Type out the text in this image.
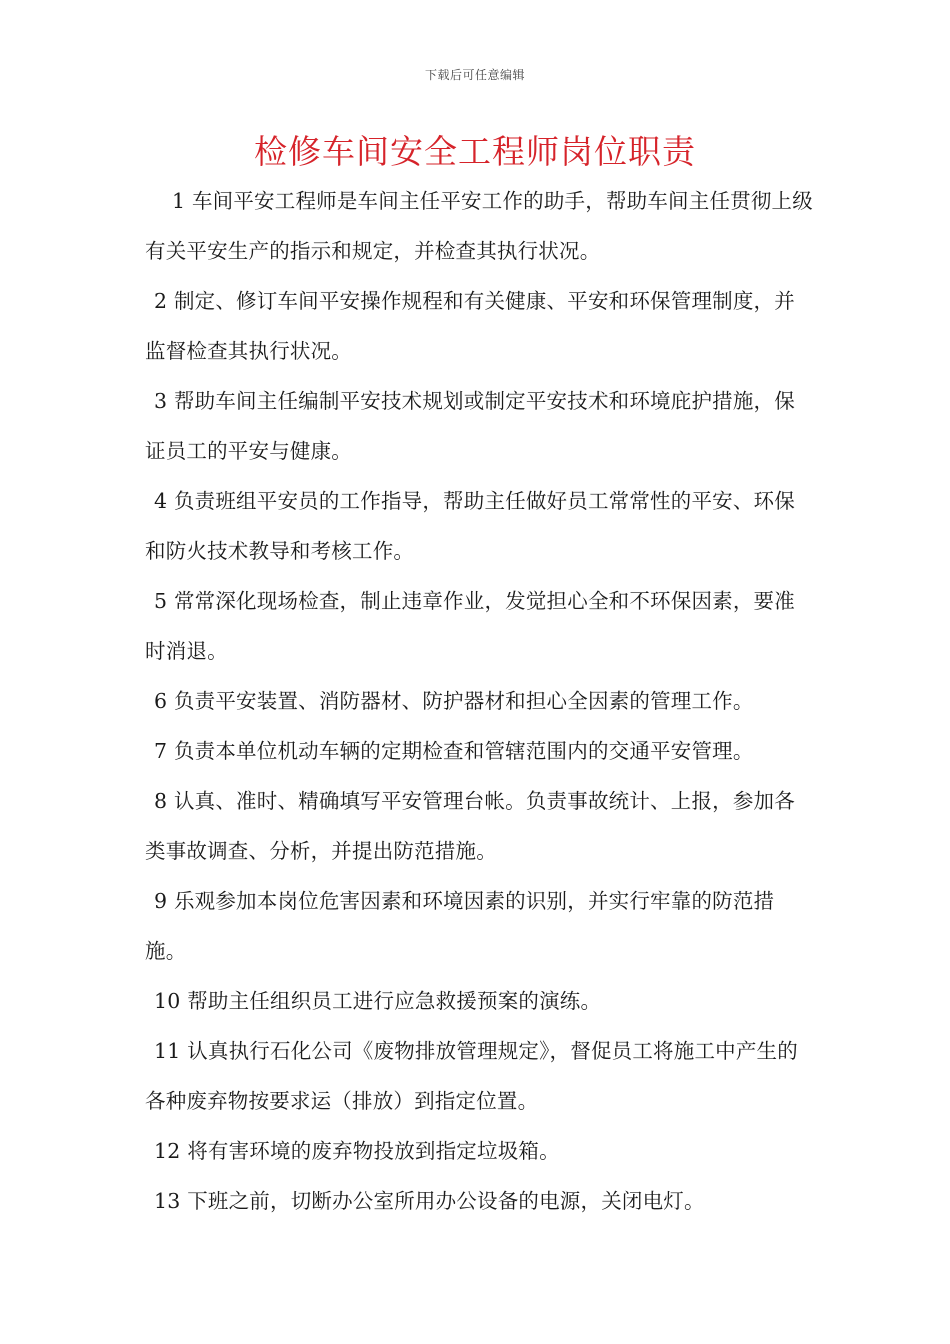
下载后可任意编辑
检修车间安全工程师岗位职责

1 车间平安工程师是车间主任平安工作的助手，帮助车间主任贯彻上级有关平安生产的指示和规定，并检查其执行状况。

2 制定、修订车间平安操作规程和有关健康、平安和环保管理制度，并监督检查其执行状况。

3 帮助车间主任编制平安技术规划或制定平安技术和环境庇护措施，保证员工的平安与健康。

4 负责班组平安员的工作指导，帮助主任做好员工常常性的平安、环保和防火技术教导和考核工作。

5 常常深化现场检查，制止违章作业，发觉担心全和不环保因素，要准时消退。

6 负责平安装置、消防器材、防护器材和担心全因素的管理工作。

7 负责本单位机动车辆的定期检查和管辖范围内的交通平安管理。

8 认真、准时、精确填写平安管理台帐。负责事故统计、上报，参加各类事故调查、分析，并提出防范措施。

9 乐观参加本岗位危害因素和环境因素的识别，并实行牢靠的防范措施。

10 帮助主任组织员工进行应急救援预案的演练。

11 认真执行石化公司《废物排放管理规定》，督促员工将施工中产生的各种废弃物按要求运（排放）到指定位置。

12 将有害环境的废弃物投放到指定垃圾箱。

13 下班之前，切断办公室所用办公设备的电源，关闭电灯。
